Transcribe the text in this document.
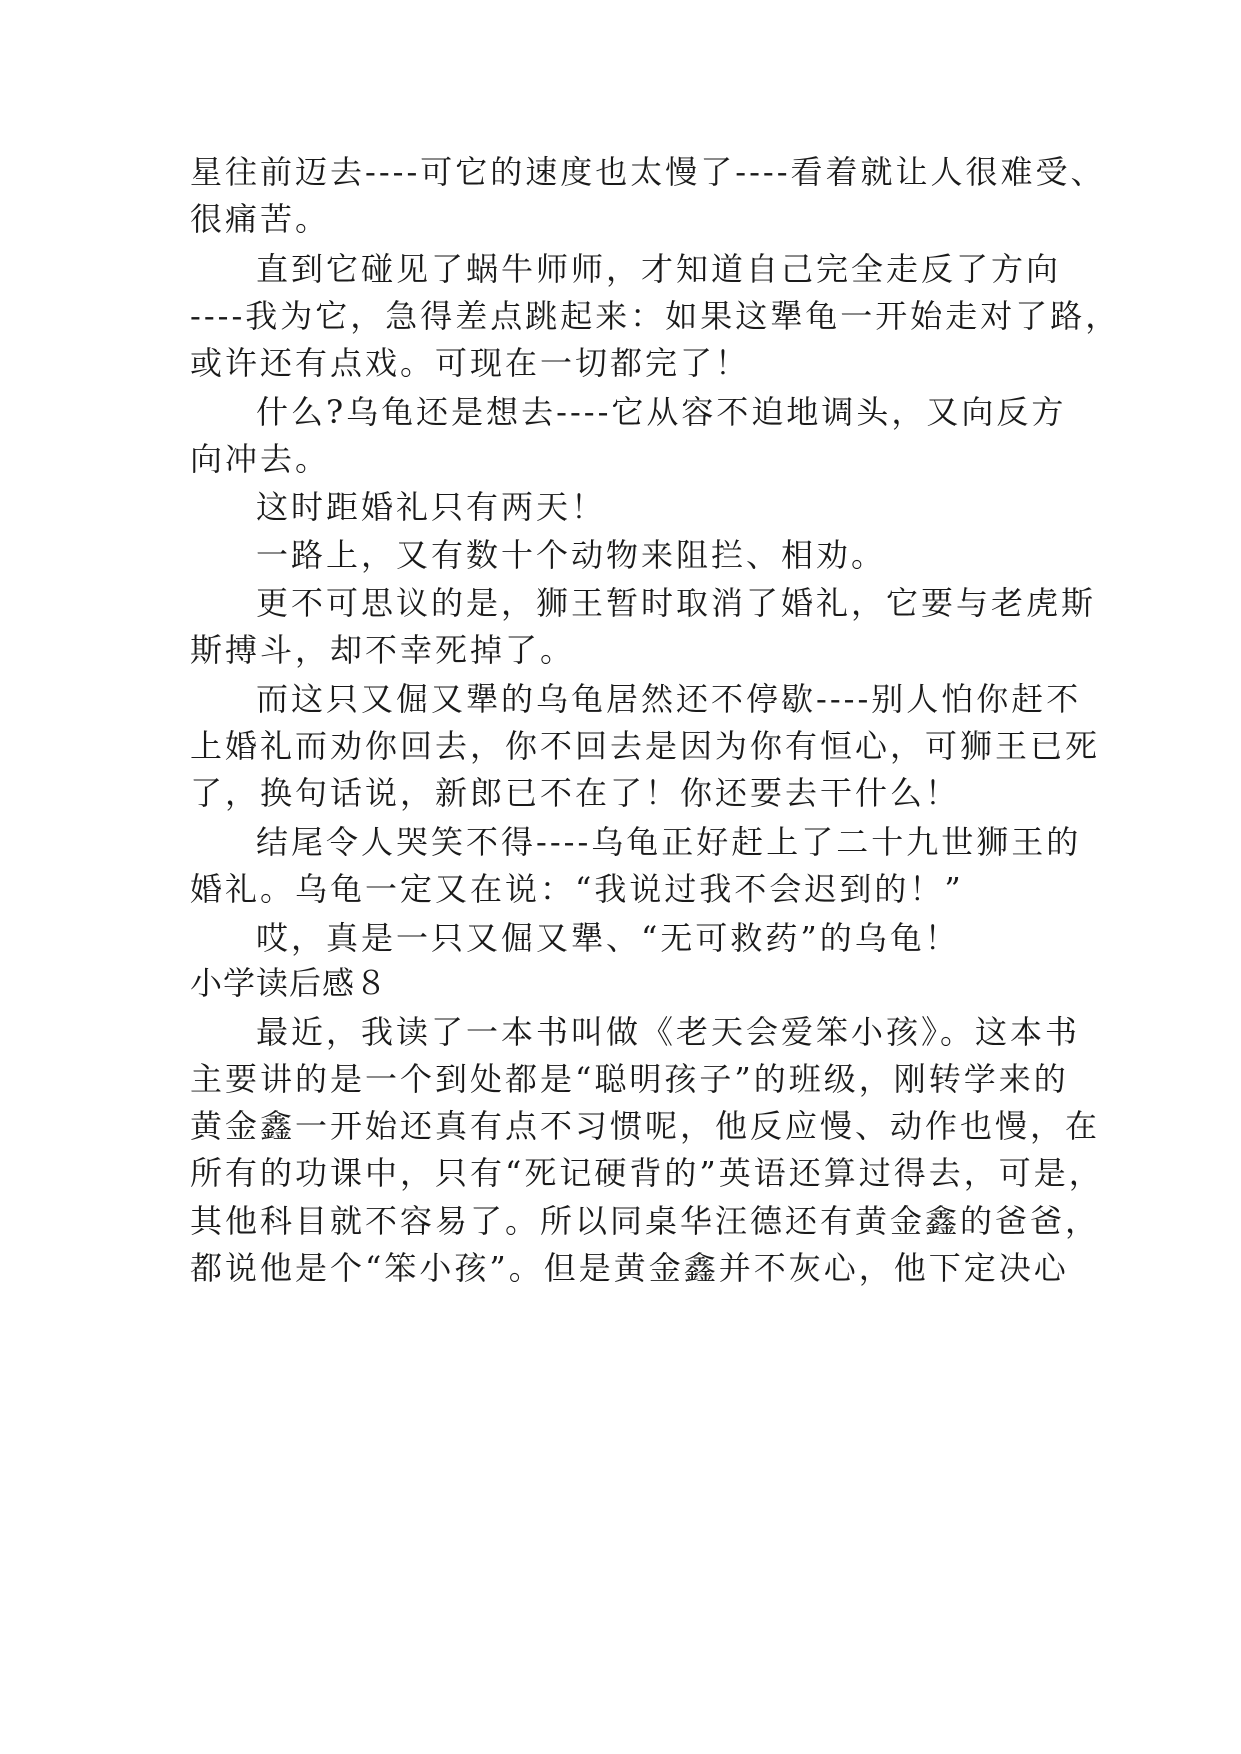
星往前迈去----可它的速度也太慢了----看着就让人很难受、
很痛苦。
直到它碰见了蜗牛师师，才知道自己完全走反了方向
----我为它，急得差点跳起来：如果这犟龟一开始走对了路，
或许还有点戏。可现在一切都完了！
什么?乌龟还是想去----它从容不迫地调头，又向反方
向冲去。
这时距婚礼只有两天！
一路上，又有数十个动物来阻拦、相劝。
更不可思议的是，狮王暂时取消了婚礼，它要与老虎斯
斯搏斗，却不幸死掉了。
而这只又倔又犟的乌龟居然还不停歇----别人怕你赶不
上婚礼而劝你回去，你不回去是因为你有恒心，可狮王已死
了，换句话说，新郎已不在了！你还要去干什么！
结尾令人哭笑不得----乌龟正好赶上了二十九世狮王的
婚礼。乌龟一定又在说：“我说过我不会迟到的！”
哎，真是一只又倔又犟、“无可救药”的乌龟！
小学读后感８
最近，我读了一本书叫做《老天会爱笨小孩》。这本书
主要讲的是一个到处都是“聪明孩子”的班级，刚转学来的
黄金鑫一开始还真有点不习惯呢，他反应慢、动作也慢，在
所有的功课中，只有“死记硬背的”英语还算过得去，可是，
其他科目就不容易了。所以同桌华汪德还有黄金鑫的爸爸，
都说他是个“笨小孩”。但是黄金鑫并不灰心，他下定决心
